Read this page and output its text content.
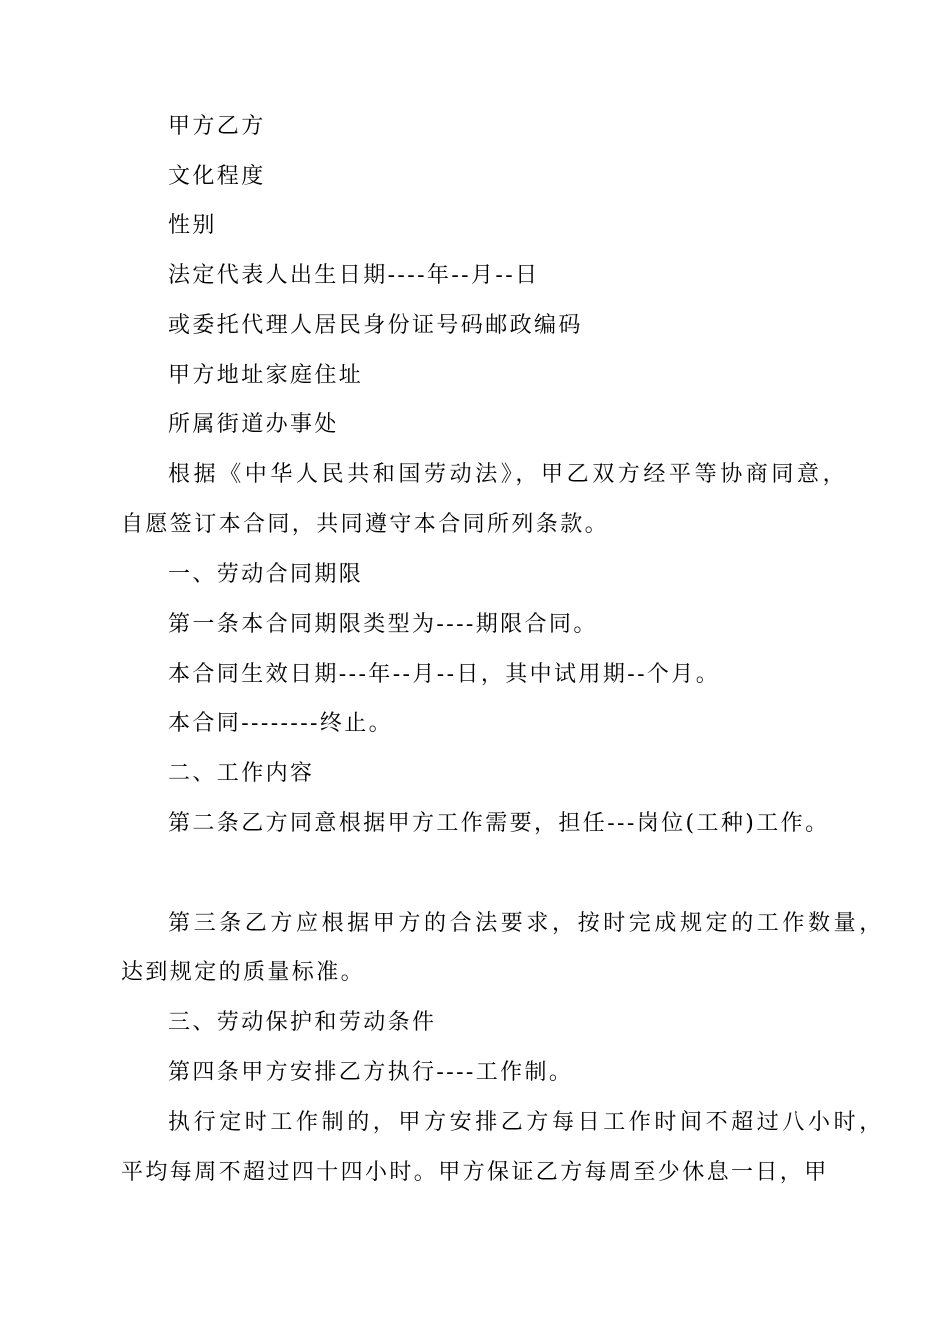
甲方乙方
文化程度
性别
法定代表人出生日期----年--月--日
或委托代理人居民身份证号码邮政编码
甲方地址家庭住址
所属街道办事处
根据《中华人民共和国劳动法》，甲乙双方经平等协商同意，
自愿签订本合同，共同遵守本合同所列条款。
一、劳动合同期限
第一条本合同期限类型为----期限合同。
本合同生效日期---年--月--日，其中试用期--个月。
本合同--------终止。
二、工作内容
第二条乙方同意根据甲方工作需要，担任---岗位(工种)工作。
第三条乙方应根据甲方的合法要求，按时完成规定的工作数量，
达到规定的质量标准。
三、劳动保护和劳动条件
第四条甲方安排乙方执行----工作制。
执行定时工作制的，甲方安排乙方每日工作时间不超过八小时，
平均每周不超过四十四小时。甲方保证乙方每周至少休息一日，甲
